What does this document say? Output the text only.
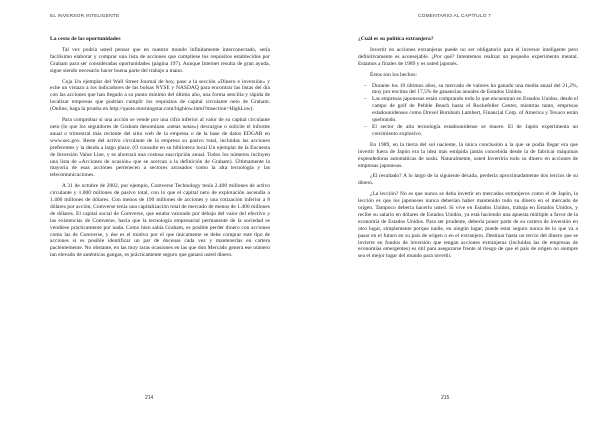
EL INVERSOR INTELIGENTE
La cesta de las oportunidades

Tal vez podría usted pensar que en nuestro mundo infinitamente interconectado, sería facilísimo elaborar y comprar una lista de acciones que cumpliese los requisitos establecidos por Graham para ser consideradas oportunidades (página 197). Aunque Internet resulta de gran ayuda, sigue siendo necesario hacer buena parte del trabajo a mano.

Coja Un ejemplar del Wall Street Journal de hoy, pase a la sección «Dinero e inversión» y eche un vistazo a los indicadores de las bolsas NYSE y NASDAQ para encontrar las listas del día con las acciones que han llegado a su punto mínimo del último año, una forma sencilla y rápida de localizar empresas que podrían cumplir los requisitos de capital circulante neto de Graham. (Online, haga la prueba en http://quote.morningstar.com/highlow.html?msection=HighLow).

Para comprobar si una acción se vende por una cifra inferior al valor de su capital circulante neto (lo que los seguidores de Graham denominan «netas netas») descargue o solicite el informe anual o trimestral más reciente del sitio web de la empresa o de la base de datos EDGAR en www.sec.gov. Reste del activo circulante de la empresa su pasivo total, incluidas las acciones preferentes y la deuda a largo plazo. (O consulte en su biblioteca local Un ejemplar de la Encuesta de Inversión Value Line, y se ahorrará una costosa suscripción anual. Todos los números incluyen una lista de «Acciones de ocasión» que se acercan a la definición de Graham). Últimamente la mayoría de esas acciones pertenecen a sectores arrasados como la alta tecnología y las telecomunicaciones.

A 31 de octubre de 2002, por ejemplo, Comverse Technology tenía 2.400 millones de activo circulante y 1.000 millones de pasivo total, con lo que el capital neto de explotación ascendía a 1.400 millones de dólares. Con menos de 190 millones de acciones y una cotización inferior a 8 dólares por acción, Comverse tenía una capitalización total de mercado de menos de 1.400 millones de dólares. El capital social de Comverse, que estaba valorado por debajo del valor del efectivo y las existencias de Comverse, hacía que la tecnología empresarial permanente de la sociedad se vendiese prácticamente por nada. Como bien sabía Graham, es posible perder dinero con acciones como las de Comverse, y ése es el motivo por el que únicamente se debe comprar este tipo de acciones si es posible identificar un par de docenas cada vez y mantenerlas en cartera pacientemente. No obstante, en las muy raras ocasiones en las que don Mercado genera ese número tan elevado de auténticas gangas, es prácticamente seguro que ganará usted dinero.

214
COMENTARIO AL CAPÍTULO 7
¿Cuál es su política extranjera?

Invertir en acciones extranjeras puede no ser obligatorio para el inversor inteligente pero definitivamente es aconsejable. ¿Por qué? Intentemos realizar un pequeño experimento mental. Estamos a finales de 1989 y es usted japonés.

Éstos son los hechos:

– Durante los 10 últimos años, su mercado de valores ha ganado una media anual del 21,2%, muy por encima del 17,5% de ganancias anuales de Estados Unidos.
– Las empresas japonesas están comprando todo lo que encuentran en Estados Unidos, desde el campo de golf de Pebble Beach hasta el Rockefeller Center, mientras tanto, empresas estadounidenses como Drexel Burnham Lambert, Financial Corp. of America y Texaco están quebrando.
– El sector de alta tecnología estadounidense se muere. El de Japón experimenta un crecimiento explosivo.

En 1989, en la tierra del sol naciente, la única conclusión a la que se podía llegar era que invertir fuera de Japón era la idea más estúpida jamás concebida desde la de fabricar máquinas expendedoras automáticas de sushi. Naturalmente, usted Invertiría todo su dinero en acciones de empresas japonesas.

¿El resultado? A lo largo de la siguiente década, perdería aproximadamente dos tercios de su dinero.

¿La lección? No es que nunca se deba invertir en mercados extranjeros como el de Japón, la lección es que los japoneses nunca deberían haber mantenido todo su dinero en el mercado de origen. Tampoco debería hacerlo usted. Si vive en Estados Unidos, trabaja en Estados Unidos, y recibe su salario en dólares de Estados Unidos, ya está haciendo una apuesta múltiple a favor de la economía de Estados Unidos. Para ser prudente, debería poner parte de su cartera de inversión en otro lugar, simplemente porque nadie, en ningún lugar, puede estar seguro nunca de lo que va a pasar en el futuro en su país de origen o en el extranjero. Destinar hasta un tercio del dinero que se invierte en fondos de inversión que tengan acciones extranjeras (incluidas las de empresas de economías emergentes) es útil para asegurarse frente al riesgo de que el país de origen no siempre sea el mejor lugar del mundo para invertir.

215
